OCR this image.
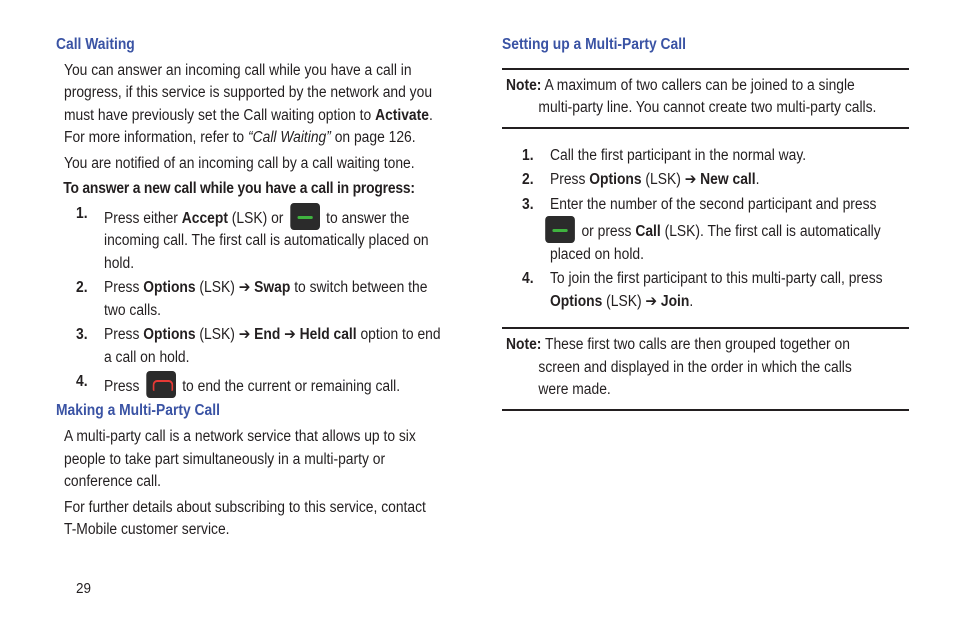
Call Waiting
You can answer an incoming call while you have a call in
progress, if this service is supported by the network and you
must have previously set the Call waiting option to Activate.
For more information, refer to “Call Waiting” on page 126.
You are notified of an incoming call by a call waiting tone.
To answer a new call while you have a call in progress:
1. Press either Accept (LSK) or  to answer the
incoming call. The first call is automatically placed on
hold.
2. Press Options (LSK) ➔ Swap to switch between the
two calls.
3. Press Options (LSK) ➔ End ➔ Held call option to end
a call on hold.
4. Press  to end the current or remaining call.
Making a Multi-Party Call
A multi-party call is a network service that allows up to six
people to take part simultaneously in a multi-party or
conference call.
For further details about subscribing to this service, contact
T-Mobile customer service.
29
Setting up a Multi-Party Call
Note: A maximum of two callers can be joined to a single
multi-party line. You cannot create two multi-party calls.
1. Call the first participant in the normal way.
2. Press Options (LSK) ➔ New call.
3. Enter the number of the second participant and press
or press Call (LSK). The first call is automatically
placed on hold.
4. To join the first participant to this multi-party call, press
Options (LSK) ➔ Join.
Note: These first two calls are then grouped together on
screen and displayed in the order in which the calls
were made.
